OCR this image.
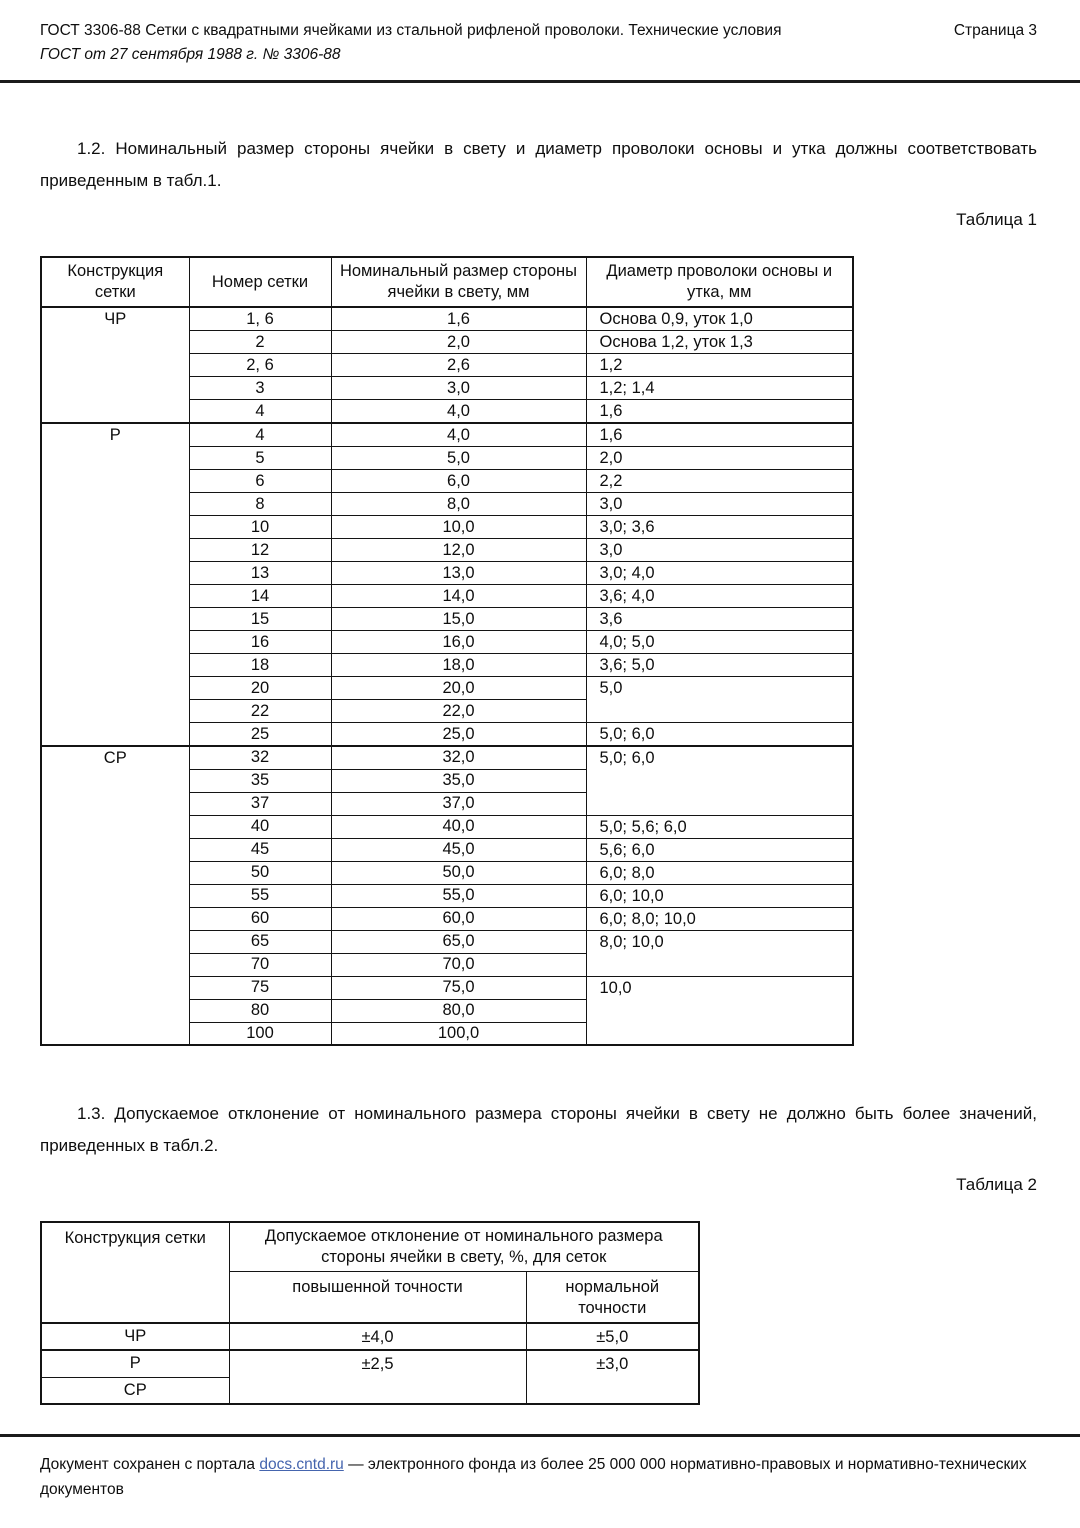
ГОСТ 3306-88 Сетки с квадратными ячейками из стальной рифленой проволоки. Технические условия	Страница 3
ГОСТ от 27 сентября 1988 г. № 3306-88

1.2. Номинальный размер стороны ячейки в свету и диаметр проволоки основы и утка должны соответствовать приведенным в табл.1.

Таблица 1
Конструкция сетки	Номер сетки	Номинальный размер стороны ячейки в свету, мм	Диаметр проволоки основы и утка, мм
ЧР	1, 6	1,6	Основа 0,9, уток 1,0
	2	2,0	Основа 1,2, уток 1,3
	2, 6	2,6	1,2
	3	3,0	1,2; 1,4
	4	4,0	1,6
Р	4	4,0	1,6
	5	5,0	2,0
	6	6,0	2,2
	8	8,0	3,0
	10	10,0	3,0; 3,6
	12	12,0	3,0
	13	13,0	3,0; 4,0
	14	14,0	3,6; 4,0
	15	15,0	3,6
	16	16,0	4,0; 5,0
	18	18,0	3,6; 5,0
	20	20,0	5,0
	22	22,0	
	25	25,0	5,0; 6,0
СР	32	32,0	5,0; 6,0
	35	35,0	
	37	37,0	
	40	40,0	5,0; 5,6; 6,0
	45	45,0	5,6; 6,0
	50	50,0	6,0; 8,0
	55	55,0	6,0; 10,0
	60	60,0	6,0; 8,0; 10,0
	65	65,0	8,0; 10,0
	70	70,0	
	75	75,0	10,0
	80	80,0	
	100	100,0	

1.3. Допускаемое отклонение от номинального размера стороны ячейки в свету не должно быть более значений, приведенных в табл.2.

Таблица 2
Конструкция сетки	Допускаемое отклонение от номинального размера стороны ячейки в свету, %, для сеток	
	повышенной точности	нормальной точности
ЧР	±4,0	±5,0
Р	±2,5	±3,0
СР		
Документ сохранен с портала docs.cntd.ru — электронного фонда из более 25 000 000 нормативно-правовых и нормативно-технических документов
